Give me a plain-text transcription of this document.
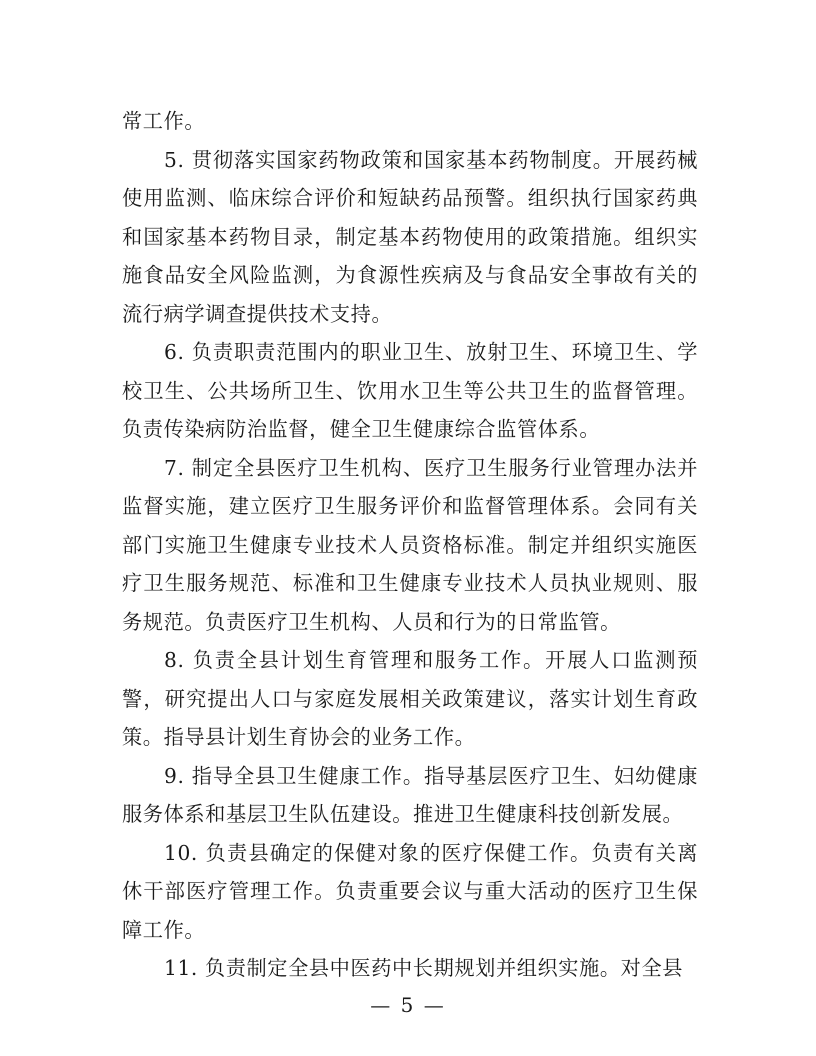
常工作。

5. 贯彻落实国家药物政策和国家基本药物制度。开展药械使用监测、临床综合评价和短缺药品预警。组织执行国家药典和国家基本药物目录，制定基本药物使用的政策措施。组织实施食品安全风险监测，为食源性疾病及与食品安全事故有关的流行病学调查提供技术支持。

6. 负责职责范围内的职业卫生、放射卫生、环境卫生、学校卫生、公共场所卫生、饮用水卫生等公共卫生的监督管理。负责传染病防治监督，健全卫生健康综合监管体系。

7. 制定全县医疗卫生机构、医疗卫生服务行业管理办法并监督实施，建立医疗卫生服务评价和监督管理体系。会同有关部门实施卫生健康专业技术人员资格标准。制定并组织实施医疗卫生服务规范、标准和卫生健康专业技术人员执业规则、服务规范。负责医疗卫生机构、人员和行为的日常监管。

8. 负责全县计划生育管理和服务工作。开展人口监测预警，研究提出人口与家庭发展相关政策建议，落实计划生育政策。指导县计划生育协会的业务工作。

9. 指导全县卫生健康工作。指导基层医疗卫生、妇幼健康服务体系和基层卫生队伍建设。推进卫生健康科技创新发展。

10. 负责县确定的保健对象的医疗保健工作。负责有关离休干部医疗管理工作。负责重要会议与重大活动的医疗卫生保障工作。

11. 负责制定全县中医药中长期规划并组织实施。对全县

— 5 —
